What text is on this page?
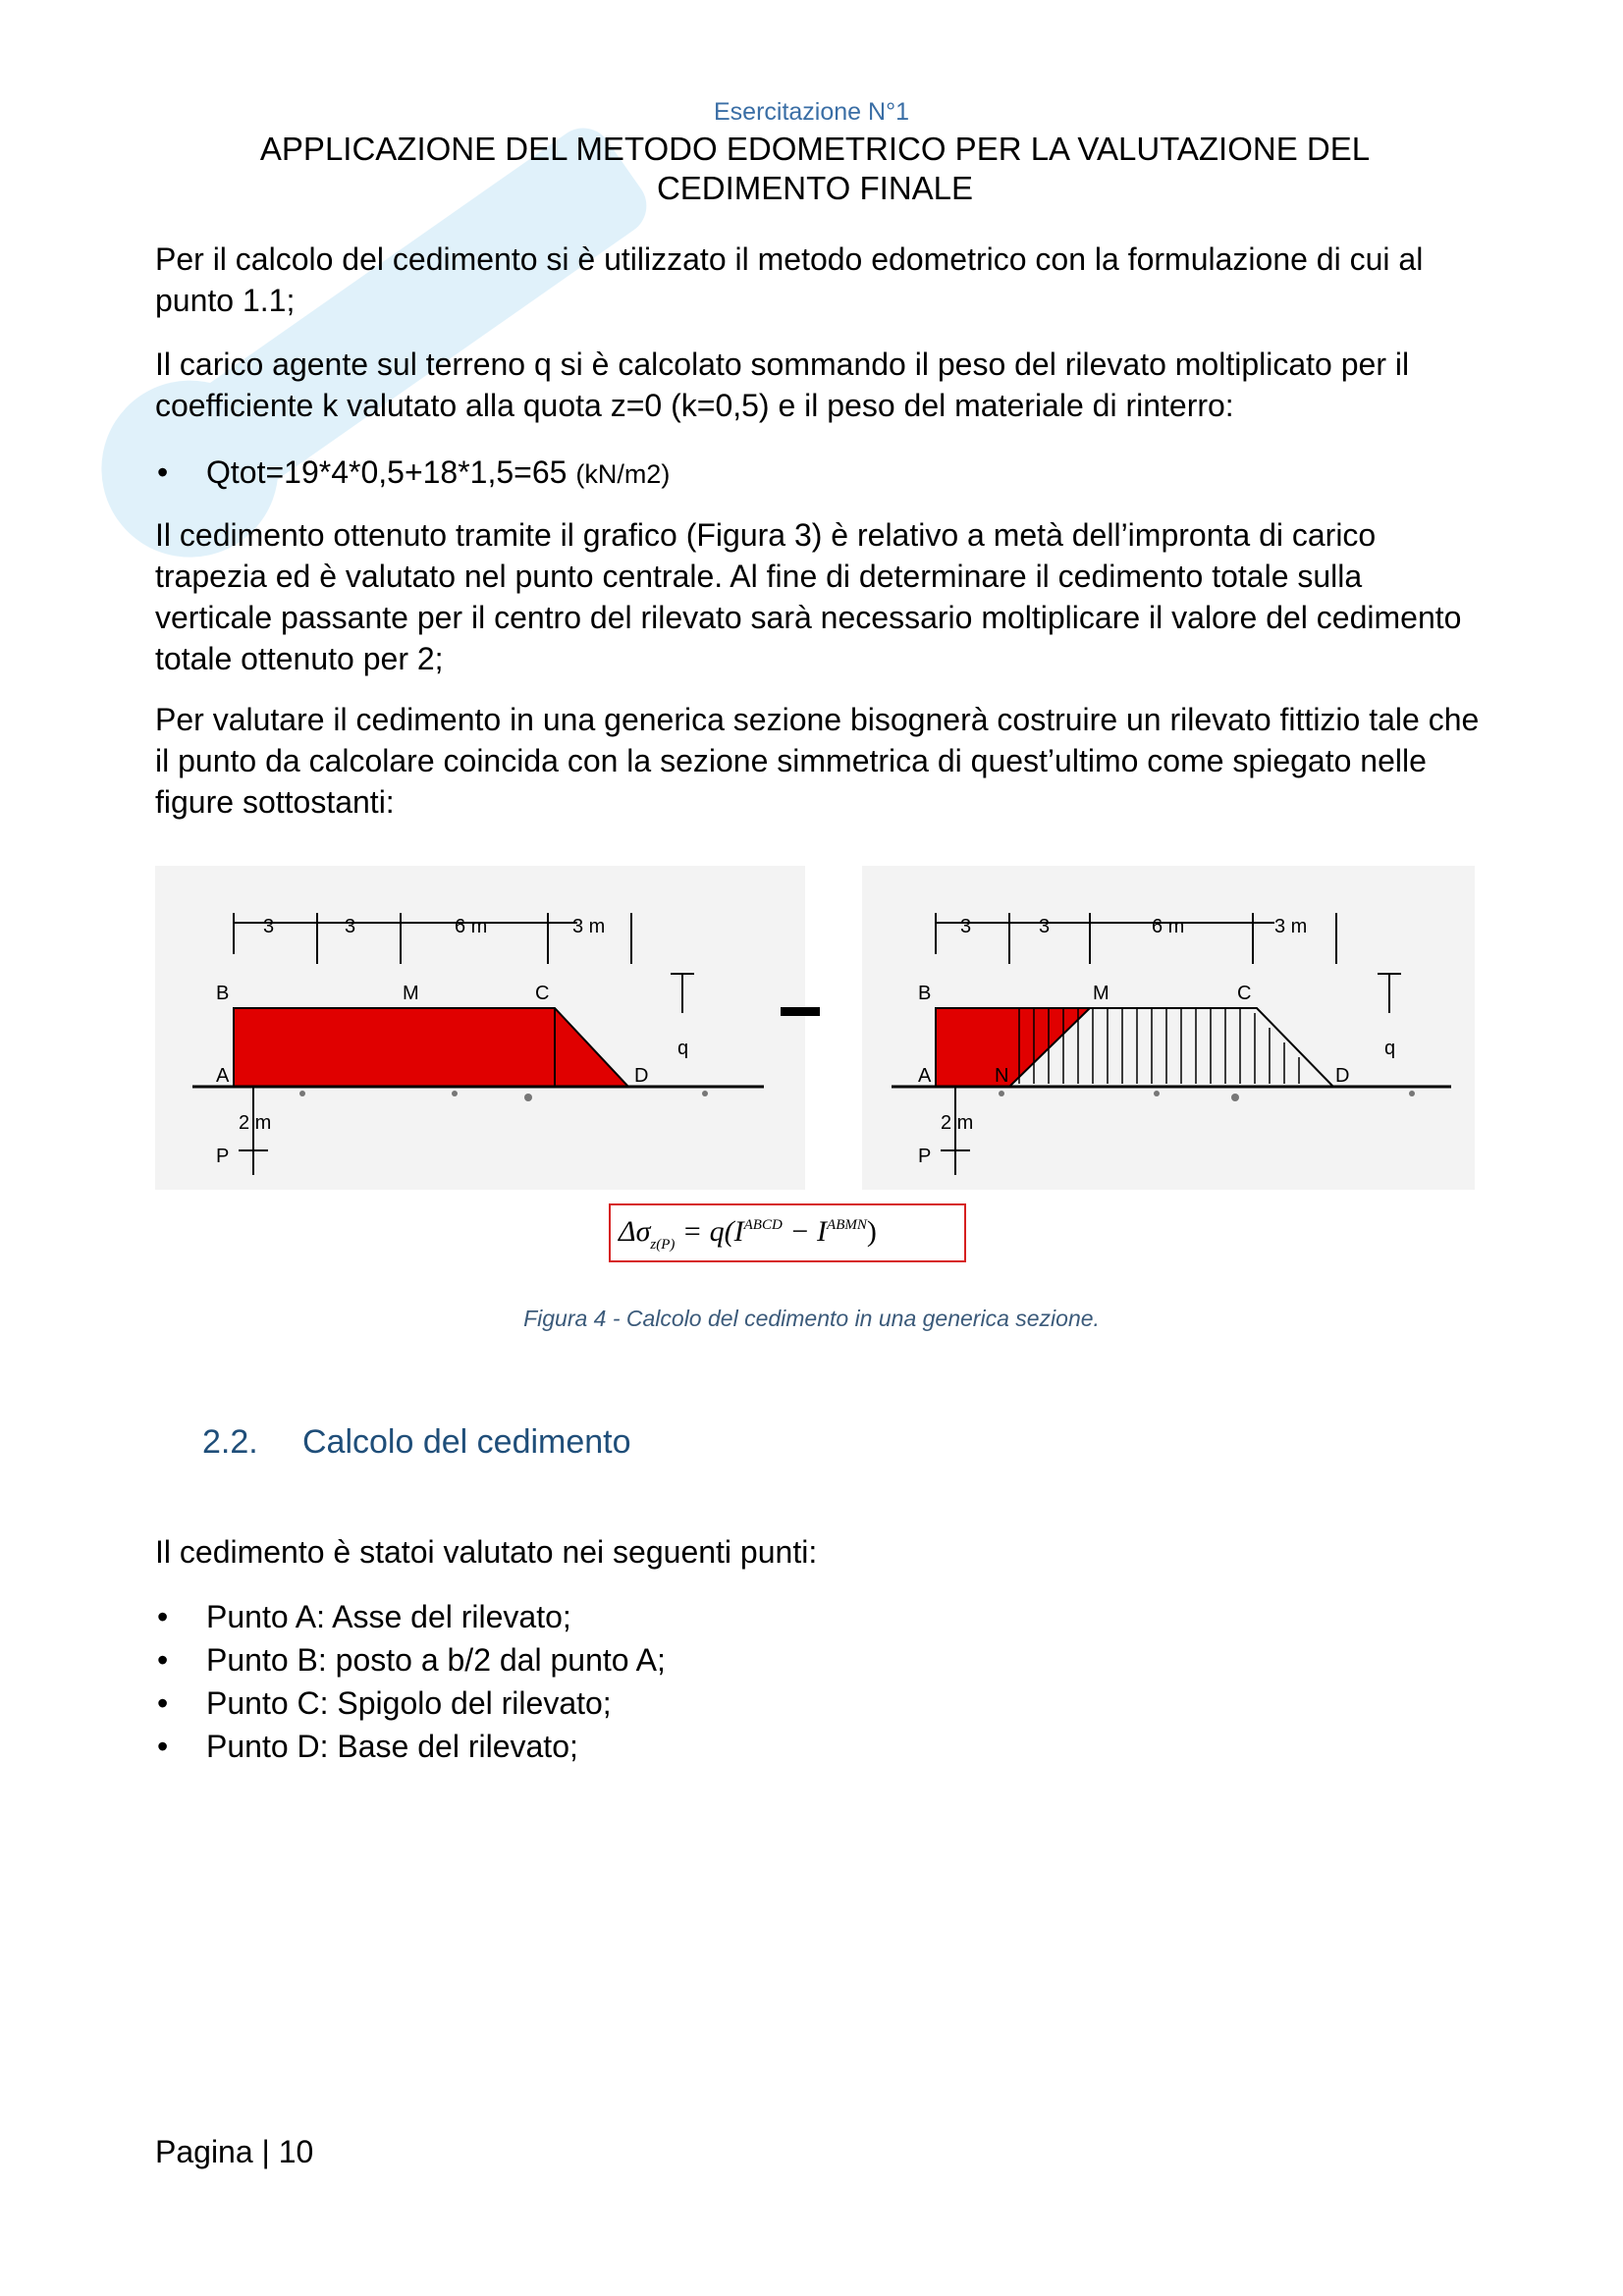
Esercitazione N°1
APPLICAZIONE DEL METODO EDOMETRICO PER LA VALUTAZIONE DEL CEDIMENTO FINALE

Per il calcolo del cedimento si è utilizzato il metodo edometrico con la formulazione di cui al punto 1.1;

Il carico agente sul terreno q si è calcolato sommando il peso del rilevato moltiplicato per il coefficiente k valutato alla quota z=0 (k=0,5) e il peso del materiale di rinterro:

• Qtot=19*4*0,5+18*1,5=65 (kN/m2)

Il cedimento ottenuto tramite il grafico (Figura 3) è relativo a metà dell’impronta di carico trapezia ed è valutato nel punto centrale. Al fine di determinare il cedimento totale sulla verticale passante per il centro del rilevato sarà necessario moltiplicare il valore del cedimento totale ottenuto per 2;

Per valutare il cedimento in una generica sezione bisognerà costruire un rilevato fittizio tale che il punto da calcolare coincida con la sezione simmetrica di quest’ultimo come spiegato nelle figure sottostanti:

3	3	6 m	3 m
B	M	C
A	D
q
2 m
P
3	3	6 m	3 m
B	M	C
A	N	D
q
2 m
P
$\Delta\sigma_{z(P)} = q(I^{ABCD} - I^{ABMN})$
Figura 4 - Calcolo del cedimento in una generica sezione.
2.2. Calcolo del cedimento

Il cedimento è statoi valutato nei seguenti punti:

• Punto A: Asse del rilevato;
• Punto B: posto a b/2 dal punto A;
• Punto C: Spigolo del rilevato;
• Punto D: Base del rilevato;
Pagina | 10
